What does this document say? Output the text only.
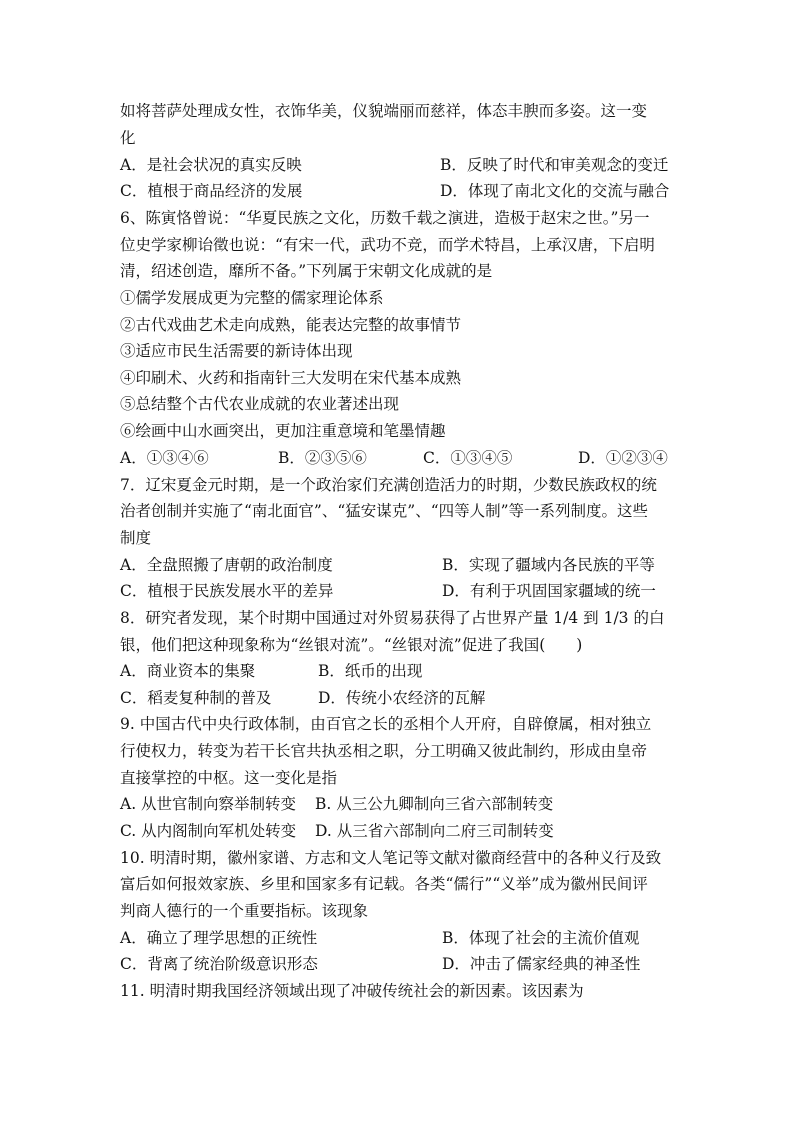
如将菩萨处理成女性，衣饰华美，仪貌端丽而慈祥，体态丰腴而多姿。这一变
化
A．是社会状况的真实反映	B．反映了时代和审美观念的变迁
C．植根于商品经济的发展	D．体现了南北文化的交流与融合
6、陈寅恪曾说：“华夏民族之文化，历数千载之演进，造极于赵宋之世。”另一
位史学家柳诒徵也说：“有宋一代，武功不竞，而学术特昌，上承汉唐，下启明
清，绍述创造，靡所不备。”下列属于宋朝文化成就的是
①儒学发展成更为完整的儒家理论体系
②古代戏曲艺术走向成熟，能表达完整的故事情节
③适应市民生活需要的新诗体出现
④印刷术、火药和指南针三大发明在宋代基本成熟
⑤总结整个古代农业成就的农业著述出现
⑥绘画中山水画突出，更加注重意境和笔墨情趣
A．①③④⑥	B．②③⑤⑥	C．①③④⑤	D．①②③④
7．辽宋夏金元时期，是一个政治家们充满创造活力的时期，少数民族政权的统
治者创制并实施了“南北面官”、“猛安谋克”、“四等人制”等一系列制度。这些
制度
A．全盘照搬了唐朝的政治制度	B．实现了疆域内各民族的平等
C．植根于民族发展水平的差异	D．有利于巩固国家疆域的统一
8．研究者发现，某个时期中国通过对外贸易获得了占世界产量 1/4 到 1/3 的白
银，他们把这种现象称为“丝银对流”。“丝银对流”促进了我国(　　)
A．商业资本的集聚	B．纸币的出现
C．稻麦复种制的普及	D．传统小农经济的瓦解
9. 中国古代中央行政体制，由百官之长的丞相个人开府，自辟僚属，相对独立
行使权力，转变为若干长官共执丞相之职，分工明确又彼此制约，形成由皇帝
直接掌控的中枢。这一变化是指
A. 从世官制向察举制转变 B. 从三公九卿制向三省六部制转变
C. 从内阁制向军机处转变 D. 从三省六部制向二府三司制转变
10. 明清时期，徽州家谱、方志和文人笔记等文献对徽商经营中的各种义行及致
富后如何报效家族、乡里和国家多有记载。各类“儒行”“义举”成为徽州民间评
判商人德行的一个重要指标。该现象
A．确立了理学思想的正统性	B．体现了社会的主流价值观
C．背离了统治阶级意识形态	D．冲击了儒家经典的神圣性
11. 明清时期我国经济领域出现了冲破传统社会的新因素。该因素为
